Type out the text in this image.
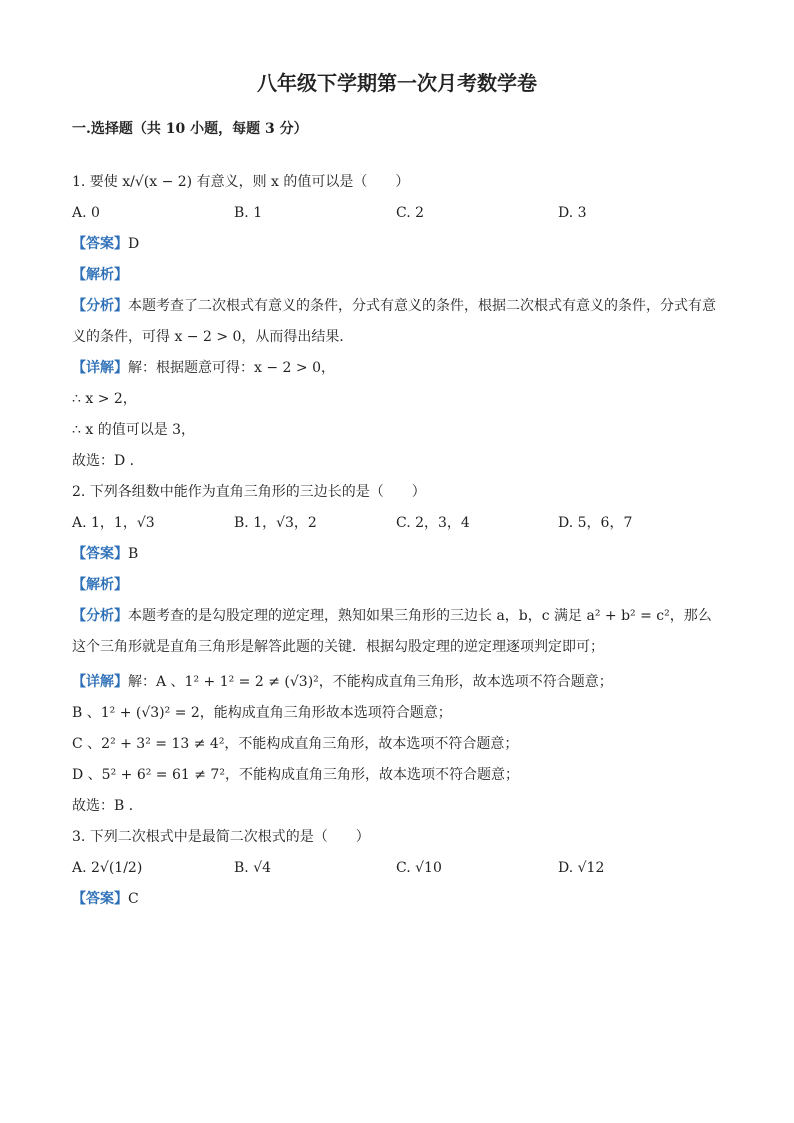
八年级下学期第一次月考数学卷
一.选择题（共 10 小题，每题 3 分）
1. 要使 x/√(x − 2) 有意义，则 x 的值可以是（　　）
A. 0	B. 1	C. 2	D. 3
【答案】D
【解析】
【分析】本题考查了二次根式有意义的条件，分式有意义的条件，根据二次根式有意义的条件，分式有意义的条件，可得 x − 2 > 0，从而得出结果．
【详解】解：根据题意可得：x − 2 > 0，
∴ x > 2，
∴ x 的值可以是 3，
故选：D ．
2. 下列各组数中能作为直角三角形的三边长的是（　　）
A. 1，1，√3	B. 1，√3，2	C. 2，3，4	D. 5，6，7
【答案】B
【解析】
【分析】本题考查的是勾股定理的逆定理，熟知如果三角形的三边长 a，b，c 满足 a² + b² = c²，那么这个三角形就是直角三角形是解答此题的关键．根据勾股定理的逆定理逐项判定即可；
【详解】解：A 、1² + 1² = 2 ≠ (√3)²，不能构成直角三角形，故本选项不符合题意；
B 、1² + (√3)² = 2，能构成直角三角形故本选项符合题意；
C 、2² + 3² = 13 ≠ 4²，不能构成直角三角形，故本选项不符合题意；
D 、5² + 6² = 61 ≠ 7²，不能构成直角三角形，故本选项不符合题意；
故选：B ．
3. 下列二次根式中是最简二次根式的是（　　）
A. 2√(1/2)	B. √4	C. √10	D. √12
【答案】C
